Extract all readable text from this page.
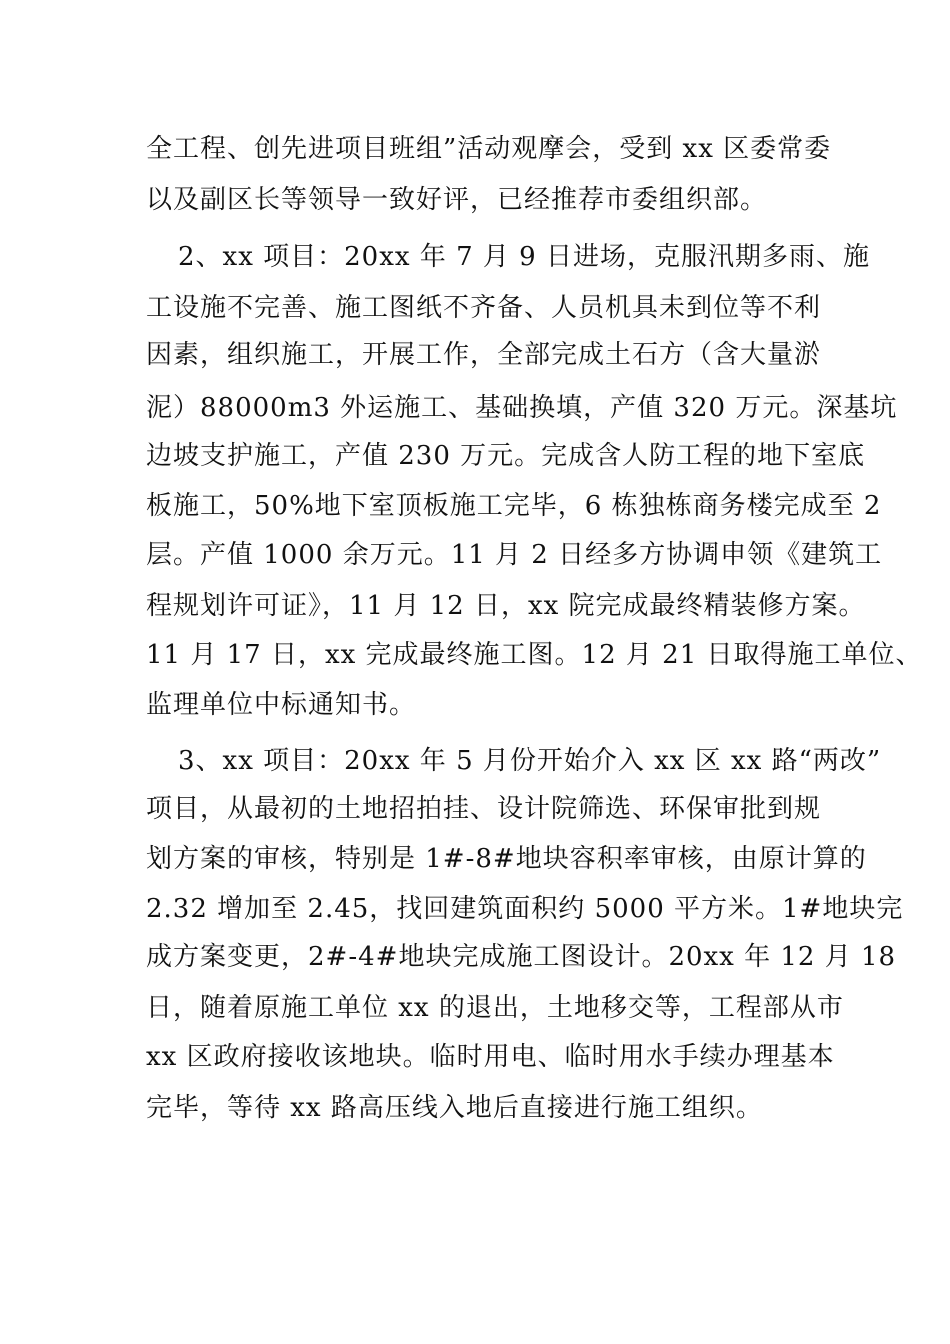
全工程、创先进项目班组”活动观摩会，受到 xx 区委常委
以及副区长等领导一致好评，已经推荐市委组织部。
2、xx 项目：20xx 年 7 月 9 日进场，克服汛期多雨、施
工设施不完善、施工图纸不齐备、人员机具未到位等不利
因素，组织施工，开展工作，全部完成土石方（含大量淤
泥）88000m3 外运施工、基础换填，产值 320 万元。深基坑
边坡支护施工，产值 230 万元。完成含人防工程的地下室底
板施工，50%地下室顶板施工完毕，6 栋独栋商务楼完成至 2
层。产值 1000 余万元。11 月 2 日经多方协调申领《建筑工
程规划许可证》，11 月 12 日，xx 院完成最终精装修方案。
11 月 17 日，xx 完成最终施工图。12 月 21 日取得施工单位、
监理单位中标通知书。
3、xx 项目：20xx 年 5 月份开始介入 xx 区 xx 路“两改”
项目，从最初的土地招拍挂、设计院筛选、环保审批到规
划方案的审核，特别是 1#-8#地块容积率审核，由原计算的
2.32 增加至 2.45，找回建筑面积约 5000 平方米。1#地块完
成方案变更，2#-4#地块完成施工图设计。20xx 年 12 月 18
日，随着原施工单位 xx 的退出，土地移交等，工程部从市
xx 区政府接收该地块。临时用电、临时用水手续办理基本
完毕，等待 xx 路高压线入地后直接进行施工组织。
